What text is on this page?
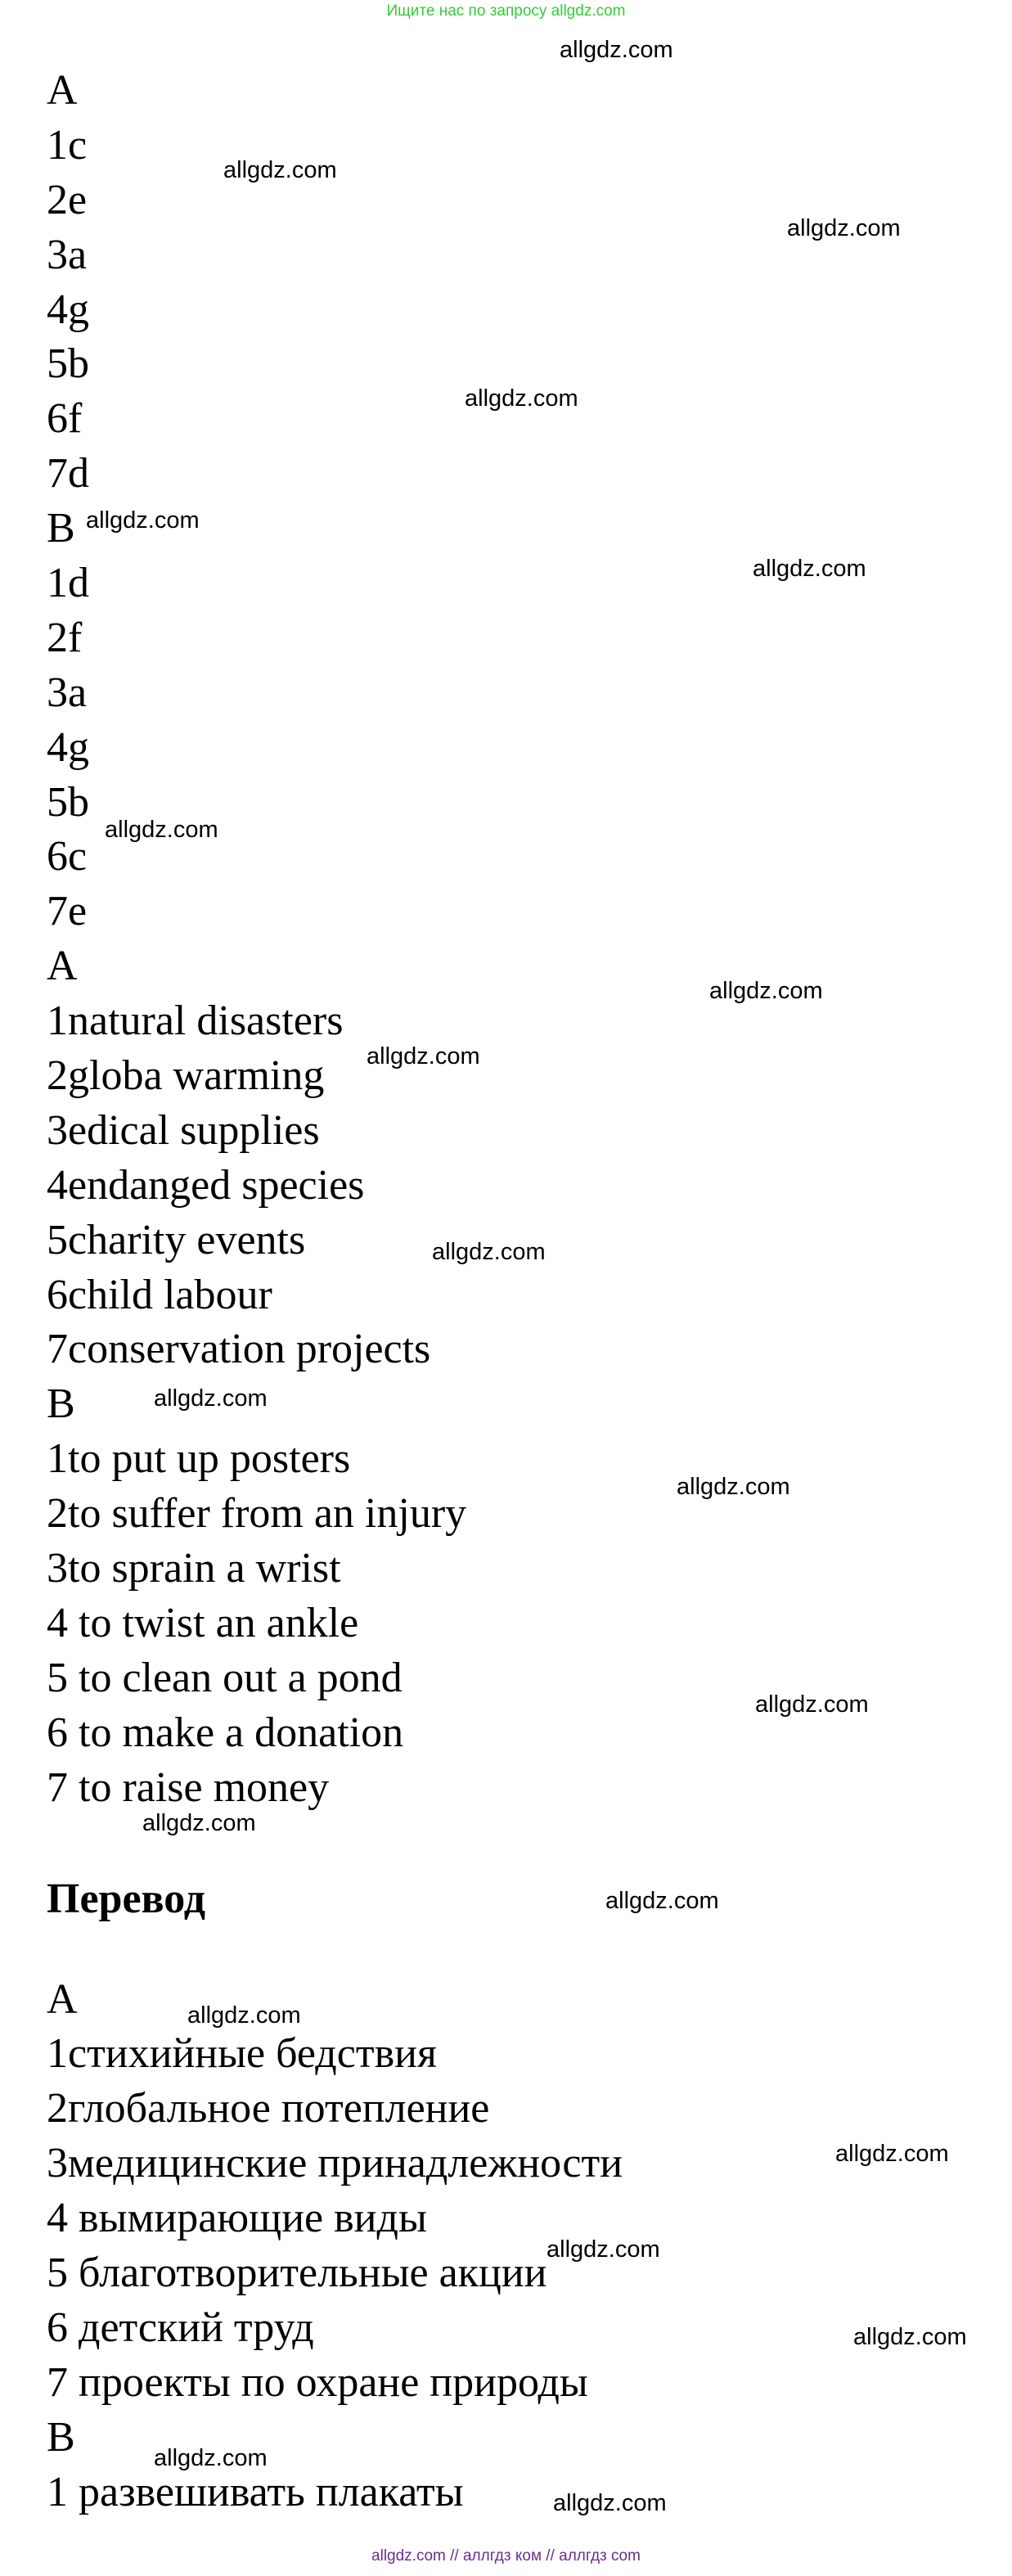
Ищите нас по запросу allgdz.com
A
1c
2e
3a
4g
5b
6f
7d
B
1d
2f
3a
4g
5b
6c
7e
A
1natural disasters
2globa warming
3edical supplies
4endanged species
5charity events
6child labour
7conservation projects
B
1to put up posters
2to suffer from an injury
3to sprain a wrist
4 to twist an ankle
5 to clean out a pond
6 to make a donation
7 to raise money
Перевод
A
1стихийные бедствия
2глобальное потепление
3медицинские принадлежности
4 вымирающие виды
5 благотворительные акции
6 детский труд
7 проекты по охране природы
B
1 развешивать плакаты
allgdz.com
allgdz.com
allgdz.com
allgdz.com
allgdz.com
allgdz.com
allgdz.com
allgdz.com
allgdz.com
allgdz.com
allgdz.com
allgdz.com
allgdz.com
allgdz.com
allgdz.com
allgdz.com
allgdz.com
allgdz.com
allgdz.com
allgdz.com
allgdz.com
allgdz.com // аллгдз ком // аллгдз com
